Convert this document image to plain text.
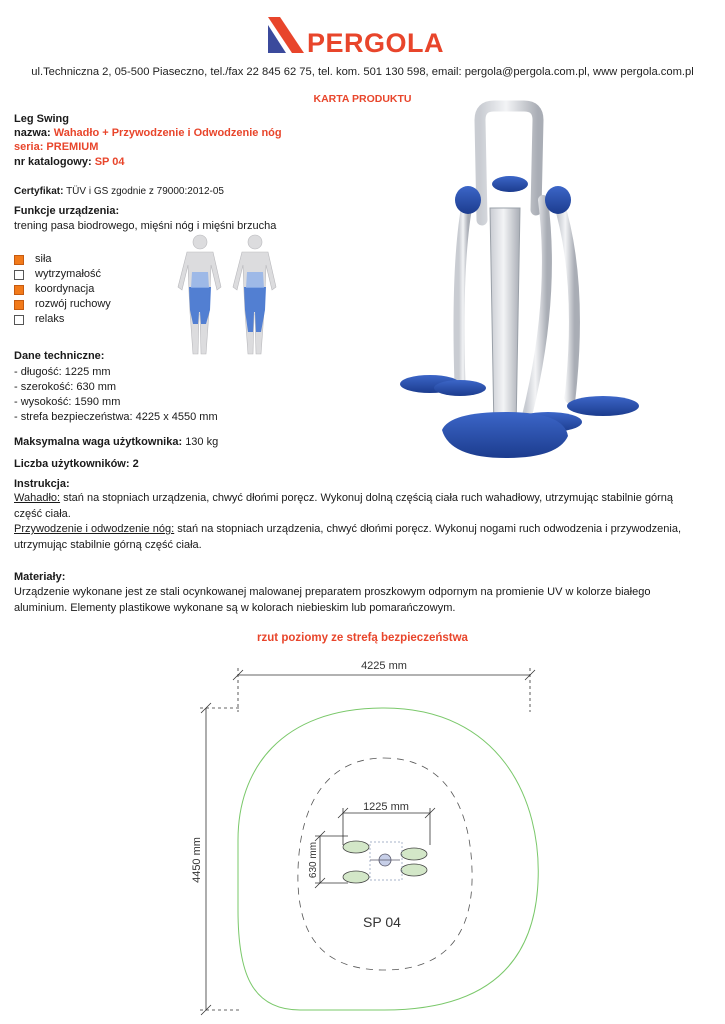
PERGOLA
ul.Techniczna 2, 05-500 Piaseczno, tel./fax 22 845 62 75, tel. kom. 501 130 598, email: pergola@pergola.com.pl, www pergola.com.pl
KARTA PRODUKTU
Leg Swing
nazwa: Wahadło + Przywodzenie i Odwodzenie nóg
seria: PREMIUM
nr katalogowy: SP 04
Certyfikat: TÜV i GS zgodnie z 79000:2012-05
Funkcje urządzenia:
trening pasa biodrowego, mięśni nóg i mięśni brzucha
siła
wytrzymałość
koordynacja
rozwój ruchowy
relaks
Dane techniczne:
- długość: 1225 mm
- szerokość: 630 mm
- wysokość: 1590 mm
- strefa bezpieczeństwa: 4225 x 4550 mm
Maksymalna waga użytkownika: 130 kg
Liczba użytkowników: 2
Instrukcja:
Wahadło: stań na stopniach urządzenia, chwyć dłońmi poręcz. Wykonuj dolną częścią ciała ruch wahadłowy, utrzymując stabilnie górną
część ciała.
Przywodzenie i odwodzenie nóg: stań na stopniach urządzenia, chwyć dłońmi poręcz. Wykonuj nogami ruch odwodzenia i przywodzenia,
utrzymując stabilnie górną część ciała.
Materiały:
Urządzenie wykonane jest ze stali ocynkowanej malowanej preparatem proszkowym odpornym na promienie UV w kolorze białego
aluminium. Elementy plastikowe wykonane są w kolorach niebieskim lub pomarańczowym.
rzut poziomy ze strefą bezpieczeństwa
4225 mm
4450 mm
1225 mm
630 mm
SP 04
